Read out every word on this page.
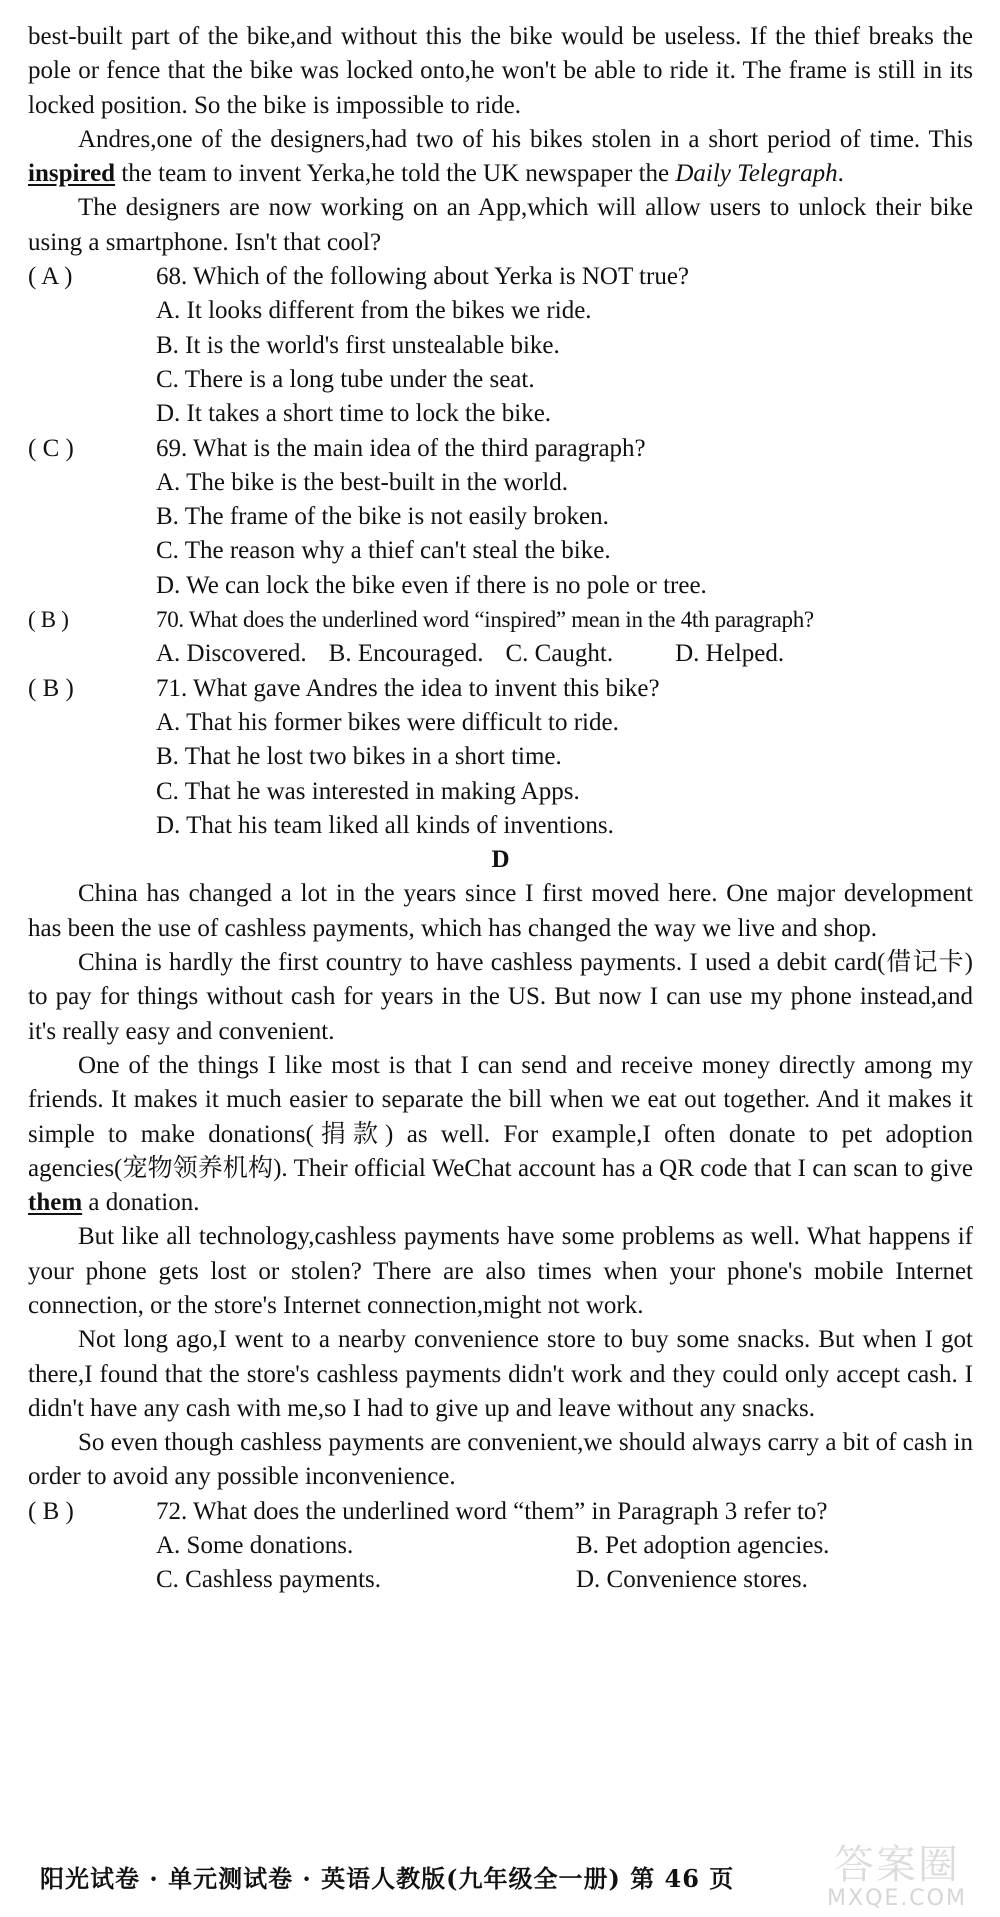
best-built part of the bike,and without this the bike would be useless. If the thief breaks the pole or fence that the bike was locked onto,he won't be able to ride it. The frame is still in its locked position. So the bike is impossible to ride.

Andres,one of the designers,had two of his bikes stolen in a short period of time. This inspired the team to invent Yerka,he told the UK newspaper the Daily Telegraph.

The designers are now working on an App,which will allow users to unlock their bike using a smartphone. Isn't that cool?

( A )	68. Which of the following about Yerka is NOT true?

A. It looks different from the bikes we ride.

B. It is the world's first unstealable bike.

C. There is a long tube under the seat.

D. It takes a short time to lock the bike.

( C )	69. What is the main idea of the third paragraph?

A. The bike is the best-built in the world.

B. The frame of the bike is not easily broken.

C. The reason why a thief can't steal the bike.

D. We can lock the bike even if there is no pole or tree.

( B )	70. What does the underlined word “inspired” mean in the 4th paragraph?

A. Discovered. B. Encouraged. C. Caught. D. Helped.

( B )	71. What gave Andres the idea to invent this bike?

A. That his former bikes were difficult to ride.

B. That he lost two bikes in a short time.

C. That he was interested in making Apps.

D. That his team liked all kinds of inventions.

D

China has changed a lot in the years since I first moved here. One major development has been the use of cashless payments, which has changed the way we live and shop.

China is hardly the first country to have cashless payments. I used a debit card(借记卡) to pay for things without cash for years in the US. But now I can use my phone instead,and it's really easy and convenient.

One of the things I like most is that I can send and receive money directly among my friends. It makes it much easier to separate the bill when we eat out together. And it makes it simple to make donations(捐款) as well. For example,I often donate to pet adoption agencies(宠物领养机构). Their official WeChat account has a QR code that I can scan to give them a donation.

But like all technology,cashless payments have some problems as well. What happens if your phone gets lost or stolen? There are also times when your phone's mobile Internet connection, or the store's Internet connection,might not work.

Not long ago,I went to a nearby convenience store to buy some snacks. But when I got there,I found that the store's cashless payments didn't work and they could only accept cash. I didn't have any cash with me,so I had to give up and leave without any snacks.

So even though cashless payments are convenient,we should always carry a bit of cash in order to avoid any possible inconvenience.

( B )	72. What does the underlined word “them” in Paragraph 3 refer to?
A. Some donations.	B. Pet adoption agencies.
C. Cashless payments.	D. Convenience stores.
阳光试卷 · 单元测试卷 · 英语人教版(九年级全一册) 第 46 页	答案圈
MXQE.COM
